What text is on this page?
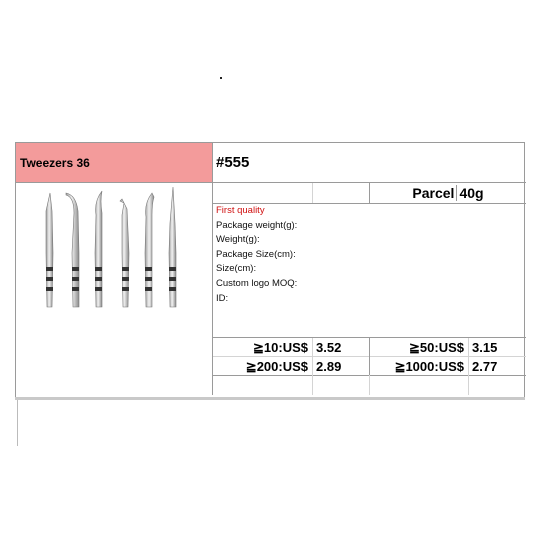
Tweezers 36	#555
Parcel 40g
First quality
Package weight(g):
Weight(g):
Package Size(cm):
Size(cm):
Custom logo MOQ:
ID:
≧10:US$ 3.52	≧50:US$ 3.15
≧200:US$ 2.89	≧1000:US$ 2.77
